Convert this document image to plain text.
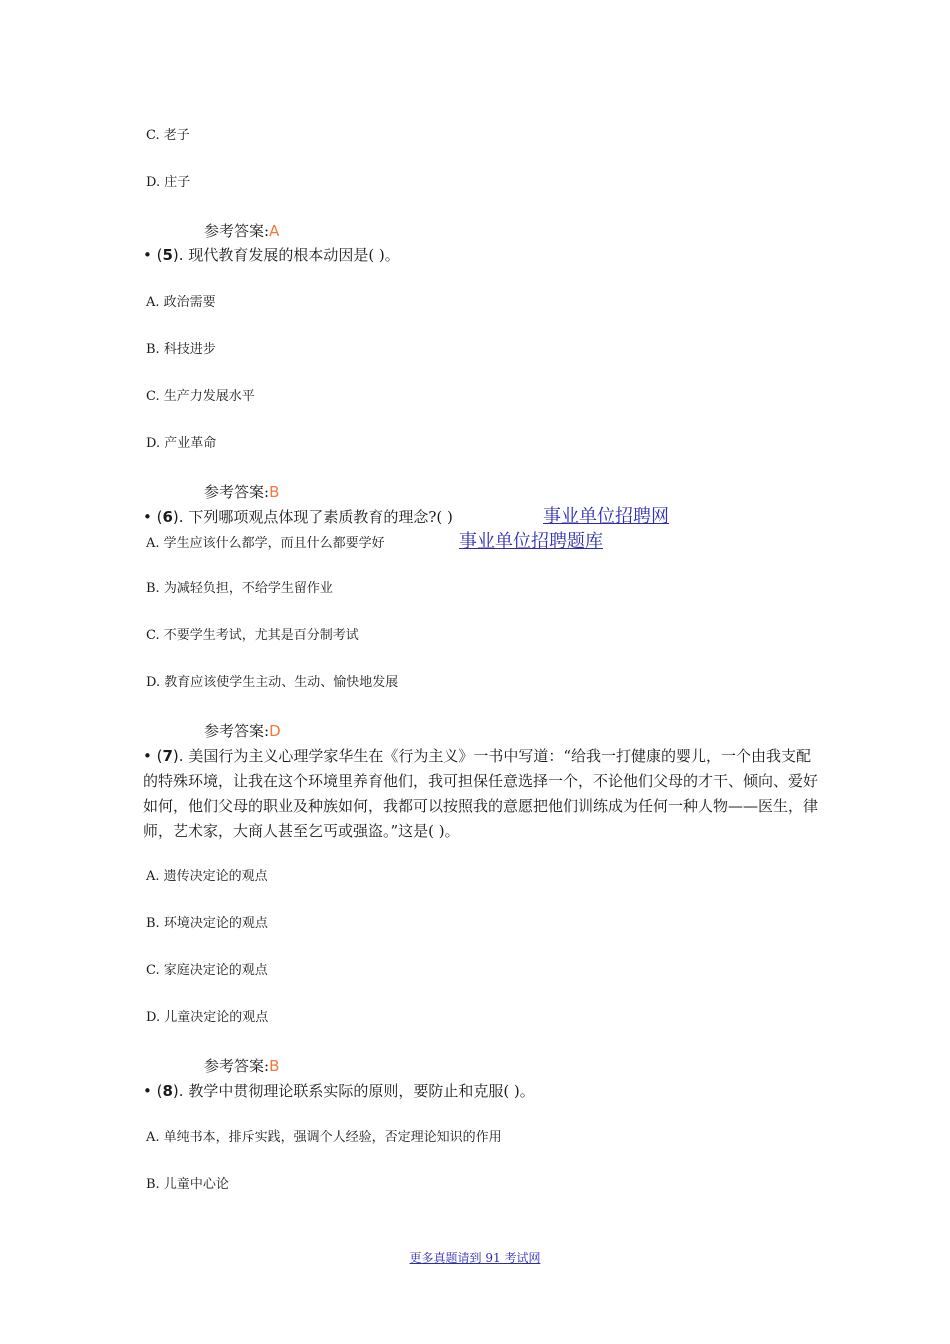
C. 老子
D. 庄子
参考答案:A
• (5). 现代教育发展的根本动因是( )。
A. 政治需要
B. 科技进步
C. 生产力发展水平
D. 产业革命
参考答案:B
• (6). 下列哪项观点体现了素质教育的理念?( )	事业单位招聘网
A. 学生应该什么都学，而且什么都要学好	事业单位招聘题库
B. 为减轻负担，不给学生留作业
C. 不要学生考试，尤其是百分制考试
D. 教育应该使学生主动、生动、愉快地发展
参考答案:D
• (7). 美国行为主义心理学家华生在《行为主义》一书中写道：“给我一打健康的婴儿，一个由我支配的特殊环境，让我在这个环境里养育他们，我可担保任意选择一个，不论他们父母的才干、倾向、爱好如何，他们父母的职业及种族如何，我都可以按照我的意愿把他们训练成为任何一种人物——医生，律师，艺术家，大商人甚至乞丐或强盗。”这是( )。
A. 遗传决定论的观点
B. 环境决定论的观点
C. 家庭决定论的观点
D. 儿童决定论的观点
参考答案:B
• (8). 教学中贯彻理论联系实际的原则，要防止和克服( )。
A. 单纯书本，排斥实践，强调个人经验，否定理论知识的作用
B. 儿童中心论
更多真题请到 91 考试网
